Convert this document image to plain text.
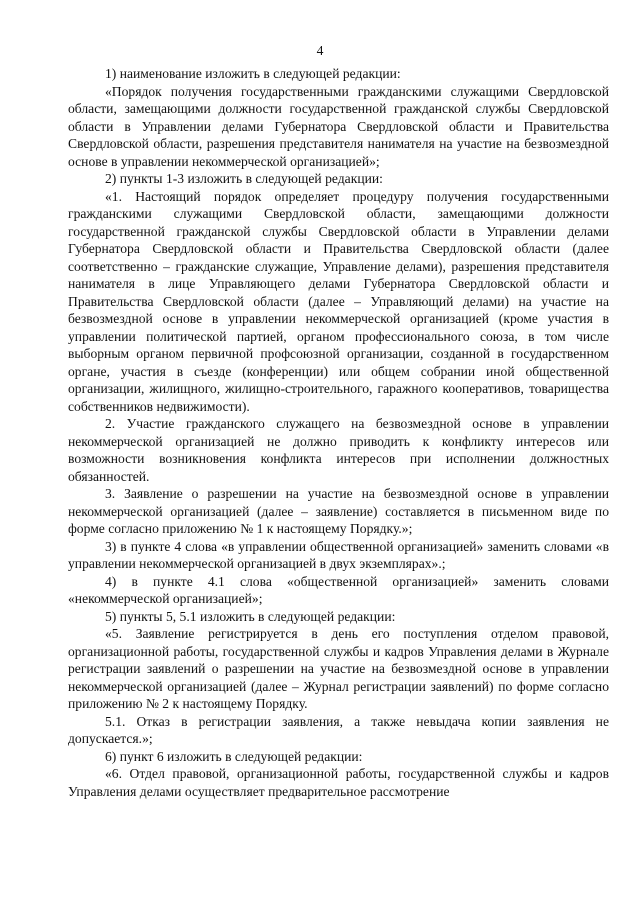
4

1) наименование изложить в следующей редакции:

«Порядок получения государственными гражданскими служащими Свердловской области, замещающими должности государственной гражданской службы Свердловской области в Управлении делами Губернатора Свердловской области и Правительства Свердловской области, разрешения представителя нанимателя на участие на безвозмездной основе в управлении некоммерческой организацией»;

2) пункты 1-3 изложить в следующей редакции:

«1. Настоящий порядок определяет процедуру получения государственными гражданскими служащими Свердловской области, замещающими должности государственной гражданской службы Свердловской области в Управлении делами Губернатора Свердловской области и Правительства Свердловской области (далее соответственно – гражданские служащие, Управление делами), разрешения представителя нанимателя в лице Управляющего делами Губернатора Свердловской области и Правительства Свердловской области (далее – Управляющий делами) на участие на безвозмездной основе в управлении некоммерческой организацией (кроме участия в управлении политической партией, органом профессионального союза, в том числе выборным органом первичной профсоюзной организации, созданной в государственном органе, участия в съезде (конференции) или общем собрании иной общественной организации, жилищного, жилищно-строительного, гаражного кооперативов, товарищества собственников недвижимости).

2. Участие гражданского служащего на безвозмездной основе в управлении некоммерческой организацией не должно приводить к конфликту интересов или возможности возникновения конфликта интересов при исполнении должностных обязанностей.

3. Заявление о разрешении на участие на безвозмездной основе в управлении некоммерческой организацией (далее – заявление) составляется в письменном виде по форме согласно приложению № 1 к настоящему Порядку.»;

3) в пункте 4 слова «в управлении общественной организацией» заменить словами «в управлении некоммерческой организацией в двух экземплярах».;

4) в пункте 4.1 слова «общественной организацией» заменить словами «некоммерческой организацией»;

5) пункты 5, 5.1 изложить в следующей редакции:

«5. Заявление регистрируется в день его поступления отделом правовой, организационной работы, государственной службы и кадров Управления делами в Журнале регистрации заявлений о разрешении на участие на безвозмездной основе в управлении некоммерческой организацией (далее – Журнал регистрации заявлений) по форме согласно приложению № 2 к настоящему Порядку.

5.1. Отказ в регистрации заявления, а также невыдача копии заявления не допускается.»;

6) пункт 6 изложить в следующей редакции:

«6. Отдел правовой, организационной работы, государственной службы и кадров Управления делами осуществляет предварительное рассмотрение
